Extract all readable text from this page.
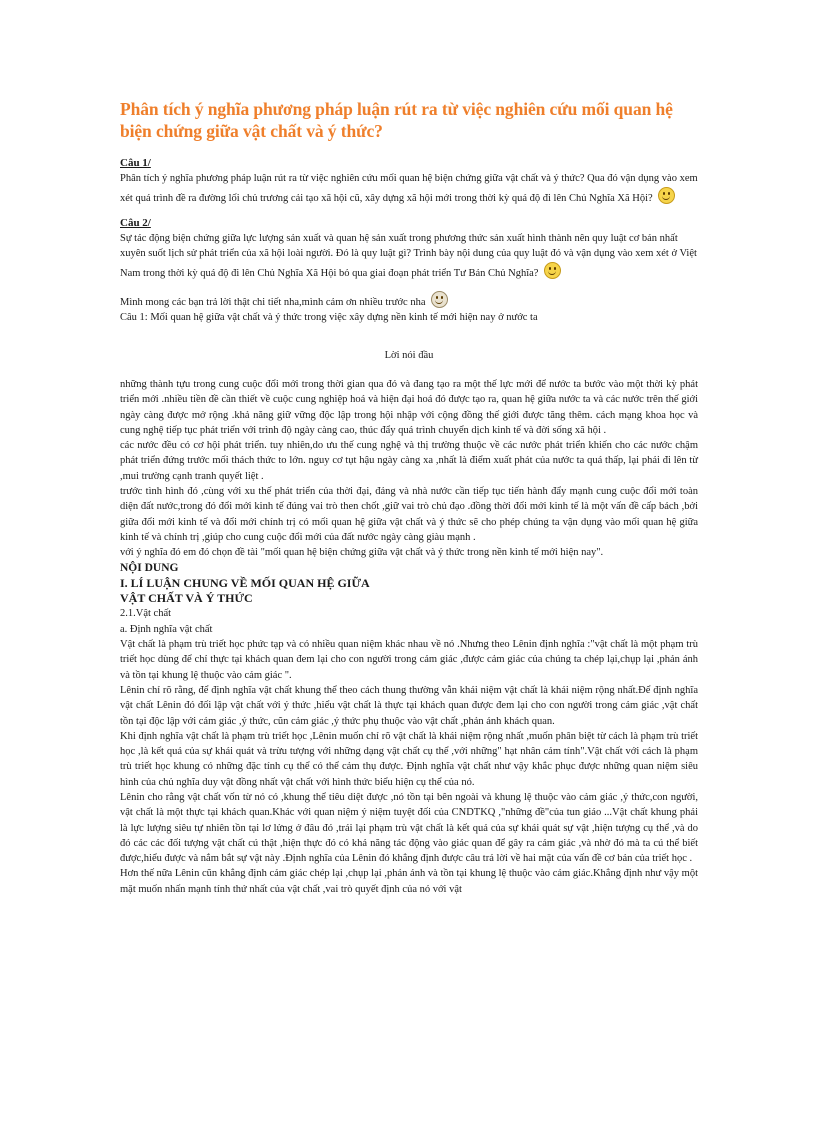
Phân tích ý nghĩa phương pháp luận rút ra từ việc nghiên cứu mối quan hệ biện chứng giữa vật chất và ý thức?

Câu 1/

Phân tích ý nghĩa phương pháp luận rút ra từ việc nghiên cứu mối quan hệ biện chứng giữa vật chất và ý thức? Qua đó vận dụng vào xem xét quá trình đề ra đường lối chủ trương cải tạo xã hội cũ, xây dựng xã hội mới trong thời kỳ quá độ đi lên Chủ Nghĩa Xã Hội?

Câu 2/

Sự tác động biện chứng giữa lực lượng sản xuất và quan hệ sản xuất trong phương thức sản xuất hình thành nên quy luật cơ bản nhất xuyên suốt lịch sử phát triển của xã hội loài người. Đó là quy luật gì? Trình bày nội dung của quy luật đó và vận dụng vào xem xét ở Việt Nam trong thời kỳ quá độ đi lên Chủ Nghĩa Xã Hội bỏ qua giai đoạn phát triển Tư Bản Chủ Nghĩa?

Mình mong các bạn trả lời thật chi tiết nha,mình cảm ơn nhiều trước nha

Câu 1: Mối quan hệ giữa vật chất và ý thức trong việc xây dựng nền kinh tế mới hiện nay ở nước ta

Lời nói đầu

những thành tựu trong cung cuộc đổi mới trong thời gian qua đó và đang tạo ra một thế lực mới để nước ta bước vào một thời kỳ phát triển mới .nhiều tiền đề cần thiết về cuộc cung nghiệp hoá và hiện đại hoá đó được tạo ra, quan hệ giữa nước ta và các nước trên thế giới ngày càng được mở rộng .khả năng giữ vững độc lập trong hội nhập với cộng đồng thế giới được tăng thêm. cách mạng khoa học và cung nghệ tiếp tục phát triển với trình độ ngày càng cao, thúc đẩy quá trình chuyển dịch kinh tế và đời sống xã hội .

các nước đều có cơ hội phát triển. tuy nhiên,do ưu thế cung nghệ và thị trường thuộc về các nước phát triển khiến cho các nước chậm phát triển đứng trước mối thách thức to lớn. nguy cơ tụt hậu ngày càng xa ,nhất là điểm xuất phát của nước ta quá thấp, lại phải đi lên từ ,mui trường cạnh tranh quyết liệt .

trước tình hình đó ,cùng với xu thế phát triển của thời đại, đảng và nhà nước cần tiếp tục tiến hành đẩy mạnh cung cuộc đổi mới toàn diện đất nước,trong đó đổi mới kinh tế đúng vai trò then chốt ,giữ vai trò chủ đạo .đồng thời đổi mới kinh tế là một vấn đề cấp bách ,bởi giữa đổi mới kinh tế và đổi mới chính trị có mối quan hệ giữa vật chất và ý thức sẽ cho phép chúng ta vận dụng vào mối quan hệ giữa kinh tế và chính trị ,giúp cho cung cuộc đổi mới của đất nước ngày càng giàu mạnh .

với ý nghĩa đó em đó chọn đề tài "mối quan hệ biện chứng giữa vật chất và ý thức trong nền kinh tế mới hiện nay".

NỘI DUNG

I. LÍ LUẬN CHUNG VỀ MỐI QUAN HỆ GIỮA

VẬT CHẤT VÀ Ý THỨC

2.1.Vật chất

a. Định nghĩa vật chất

Vật chất là phạm trù triết học phức tạp và có nhiều quan niệm khác nhau về nó .Nhưng theo Lênin định nghĩa :"vật chất là một phạm trù triết học dùng để chỉ thực tại khách quan đem lại cho con người trong cảm giác ,được cảm giác của chúng ta chép lại,chụp lại ,phản ánh và tồn tại khung lệ thuộc vào cảm giác ".

Lênin chỉ rõ rằng, để định nghĩa vật chất khung thể theo cách thung thường vẫn khái niệm vật chất là khái niệm rộng nhất.Để định nghĩa vật chất Lênin đó đối lập vật chất với ý thức ,hiểu vật chất là thực tại khách quan được đem lại cho con người trong cảm giác ,vật chất tồn tại độc lập với cảm giác ,ý thức, cũn cảm giác ,ý thức phụ thuộc vào vật chất ,phản ánh khách quan.

Khi định nghĩa vật chất là phạm trù triết học ,Lênin muốn chỉ rõ vật chất là khái niệm rộng nhất ,muốn phân biệt từ cách là phạm trù triết học ,là kết quả của sự khái quát và trừu tượng với những dạng vật chất cụ thể ,với những" hạt nhân cảm tính".Vật chất với cách là phạm trù triết học khung có những đặc tính cụ thể có thể cảm thụ được. Định nghĩa vật chất như vậy khắc phục được những quan niệm siêu hình của chủ nghĩa duy vật đồng nhất vật chất với hình thức biểu hiện cụ thể của nó.

Lênin cho rằng vật chất vốn từ nó có ,khung thể tiêu diệt được ,nó tồn tại bên ngoài và khung lệ thuộc vào cảm giác ,ý thức,con người, vật chất là một thực tại khách quan.Khác với quan niệm ý niệm tuyệt đối của CNDTKQ ,"những đề"của tun giáo ...Vật chất khung phải là lực lượng siêu tự nhiên tồn tại lơ lửng ở đâu đó ,trái lại phạm trù vật chất là kết quả của sự khái quát sự vật ,hiện tượng cụ thể ,và do đó các các đối tượng vật chất cú thật ,hiện thực đó có khả năng tác động vào giác quan để gây ra cảm giác ,và nhờ đó mà ta cú thể biết được,hiểu được và nắm bắt sự vật này .Định nghĩa của Lênin đó khẳng định được câu trả lời về hai mặt của vấn đề cơ bản của triết học .

Hơn thế nữa Lênin cũn khẳng định cảm giác chép lại ,chụp lại ,phản ánh và tồn tại khung lệ thuộc vào cảm giác.Khẳng định như vậy một mặt muốn nhấn mạnh tính thứ nhất của vật chất ,vai trò quyết định của nó với vật
